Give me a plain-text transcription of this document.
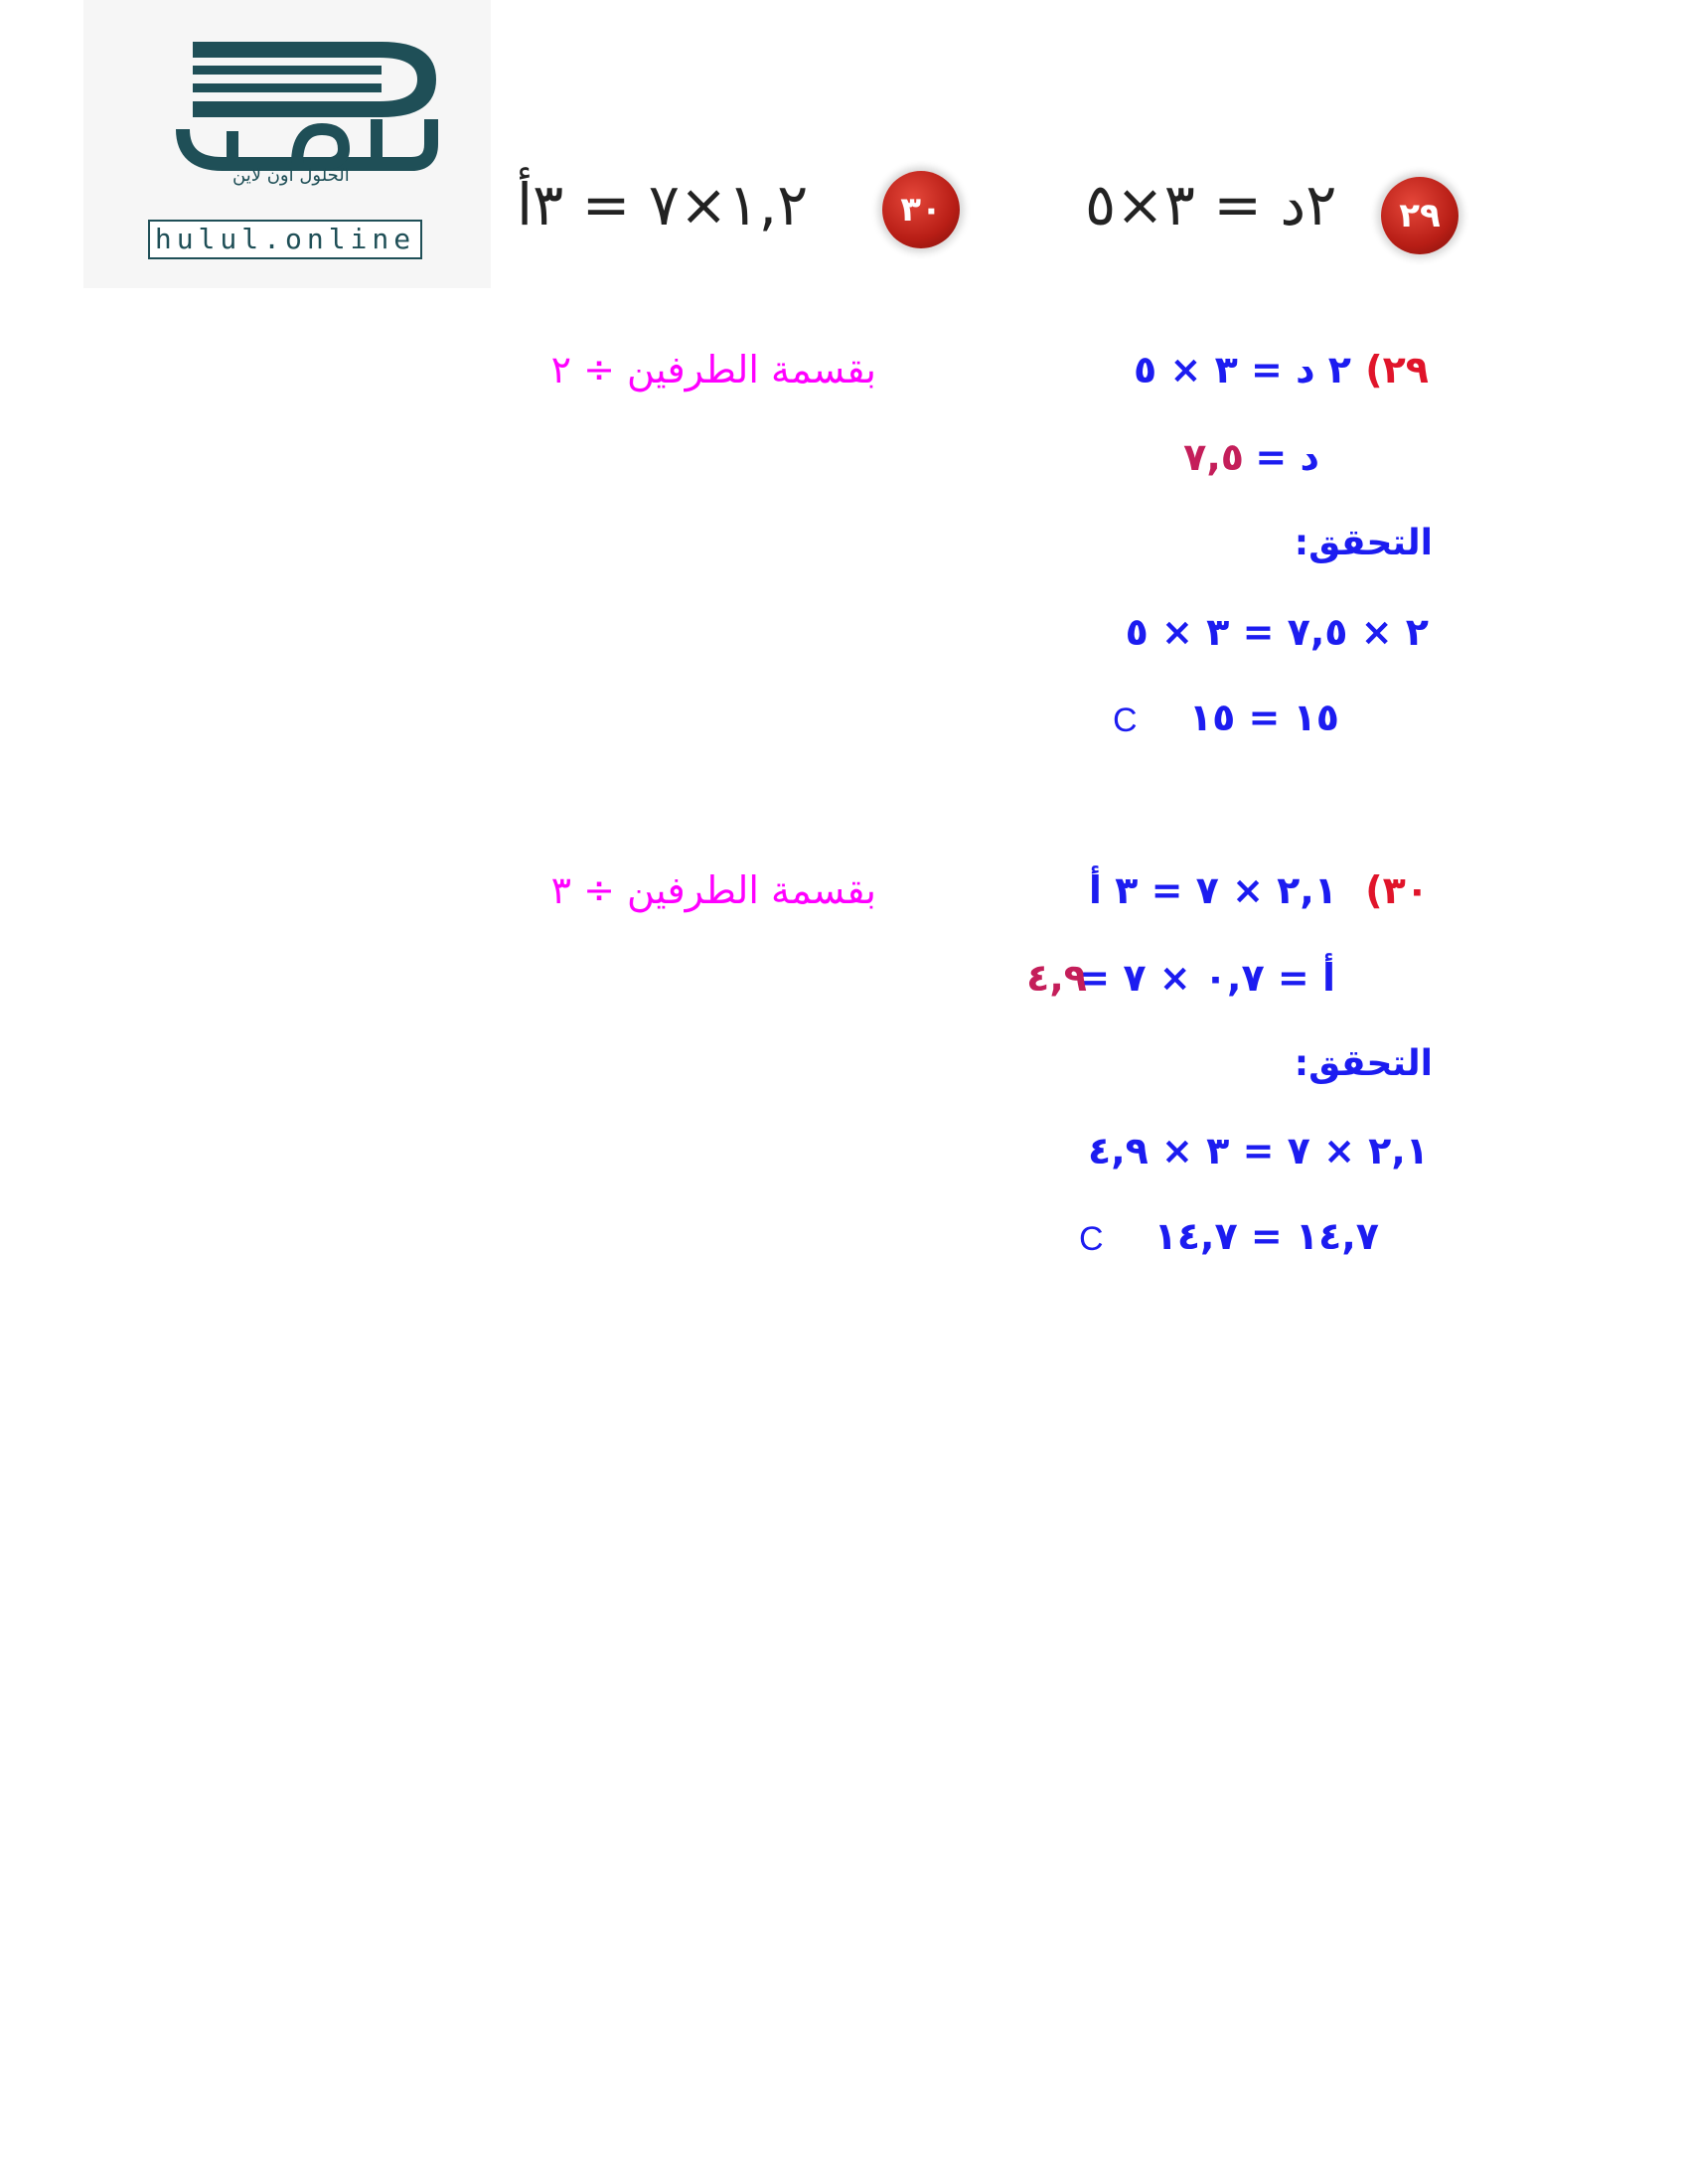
الحلول اون لاين
hulul.online
١,٢×٧ = ٣أ	٣٠	٢د = ٣×٥	٢٩
٢٩)
٢ د = ٣ × ٥
بقسمة الطرفين ÷ ٢
د =
٧,٥
التحقق:
٢ × ٧,٥ = ٣ × ٥
١٥ = ١٥
C
٣٠)
٢,١ × ٧ = ٣ أ
بقسمة الطرفين ÷ ٣
أ = ٠,٧ × ٧ =
٤,٩
التحقق:
٢,١ × ٧ = ٣ × ٤,٩
١٤,٧ = ١٤,٧
C
